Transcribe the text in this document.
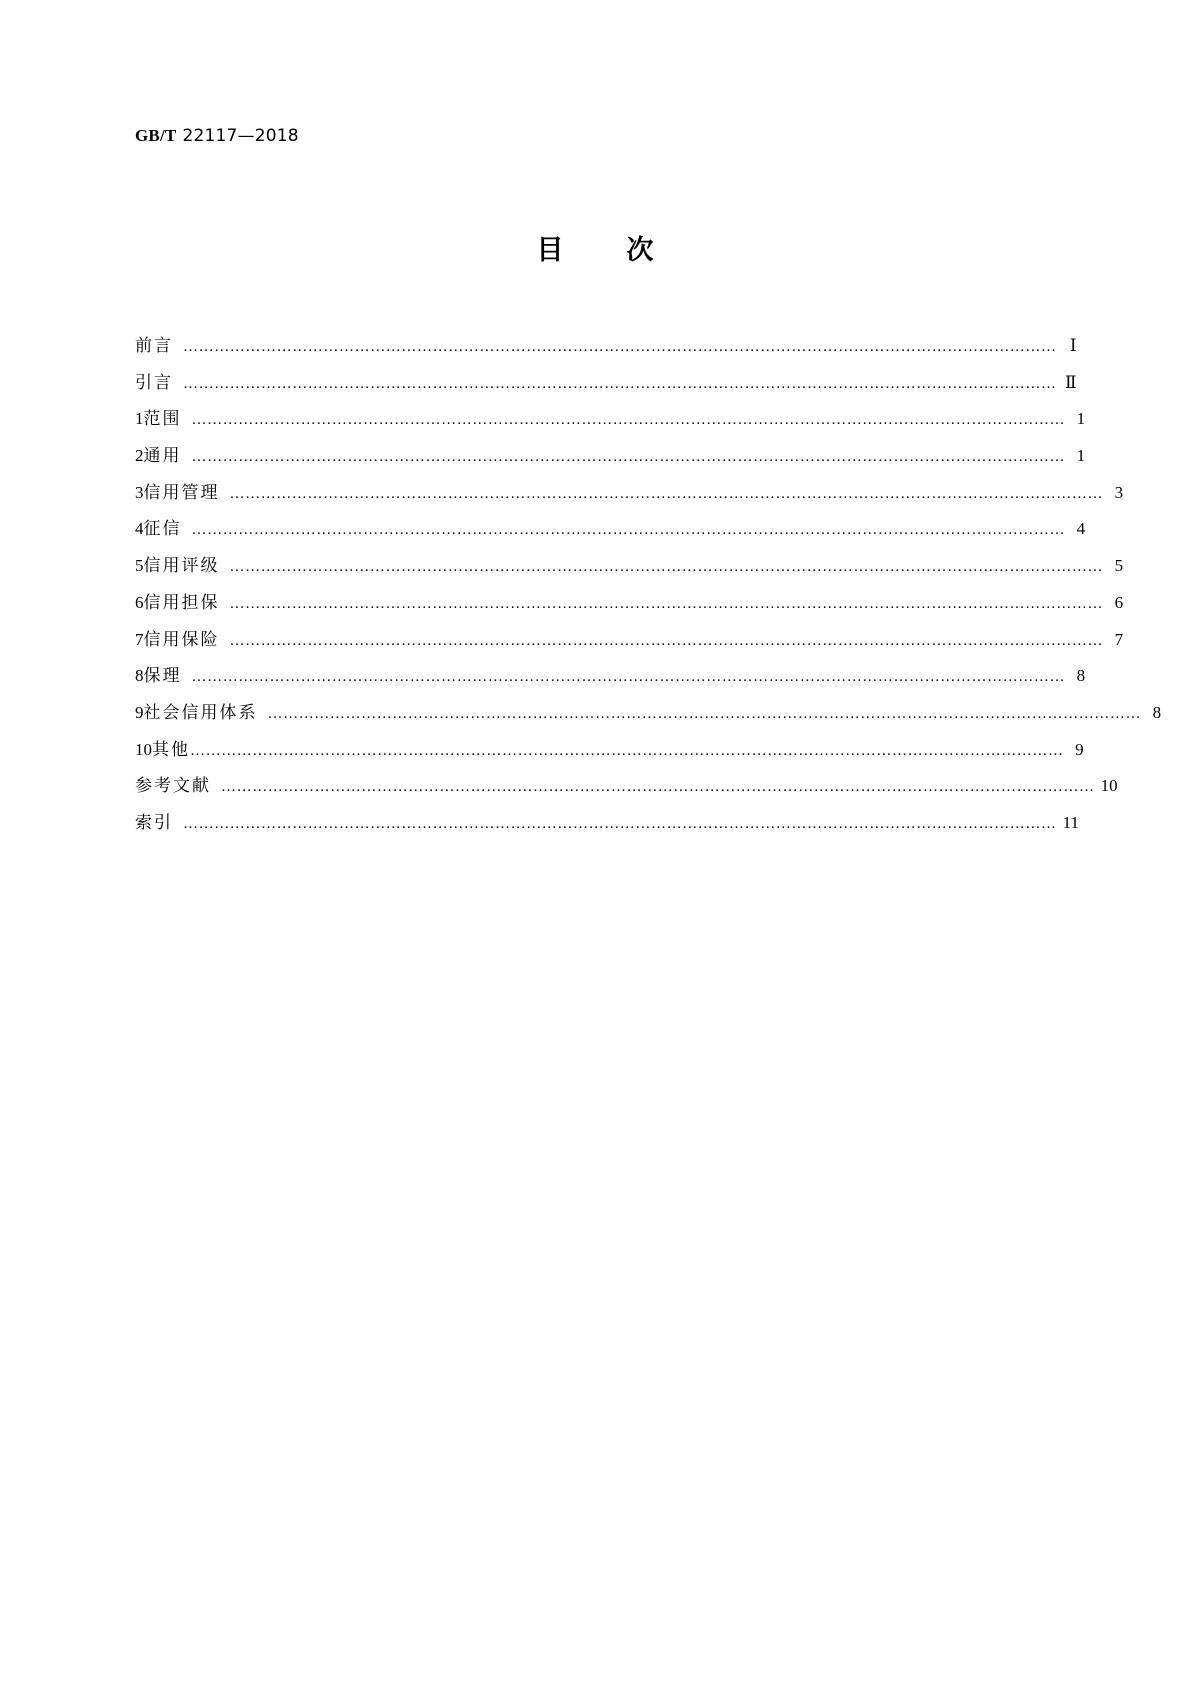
GB/T 22117—2018
目 次
前言 …………………………………………………………………………………………………………………………………………………… Ⅰ
引言 …………………………………………………………………………………………………………………………………………………… Ⅱ
1 范围 …………………………………………………………………………………………………………………………………………………… 1
2 通用 …………………………………………………………………………………………………………………………………………………… 1
3 信用管理 …………………………………………………………………………………………………………………………………………………… 3
4 征信 …………………………………………………………………………………………………………………………………………………… 4
5 信用评级 …………………………………………………………………………………………………………………………………………………… 5
6 信用担保 …………………………………………………………………………………………………………………………………………………… 6
7 信用保险 …………………………………………………………………………………………………………………………………………………… 7
8 保理 …………………………………………………………………………………………………………………………………………………… 8
9 社会信用体系 …………………………………………………………………………………………………………………………………………………… 8
10 其他 …………………………………………………………………………………………………………………………………………………… 9
参考文献 …………………………………………………………………………………………………………………………………………………… 10
索引 …………………………………………………………………………………………………………………………………………………… 11
